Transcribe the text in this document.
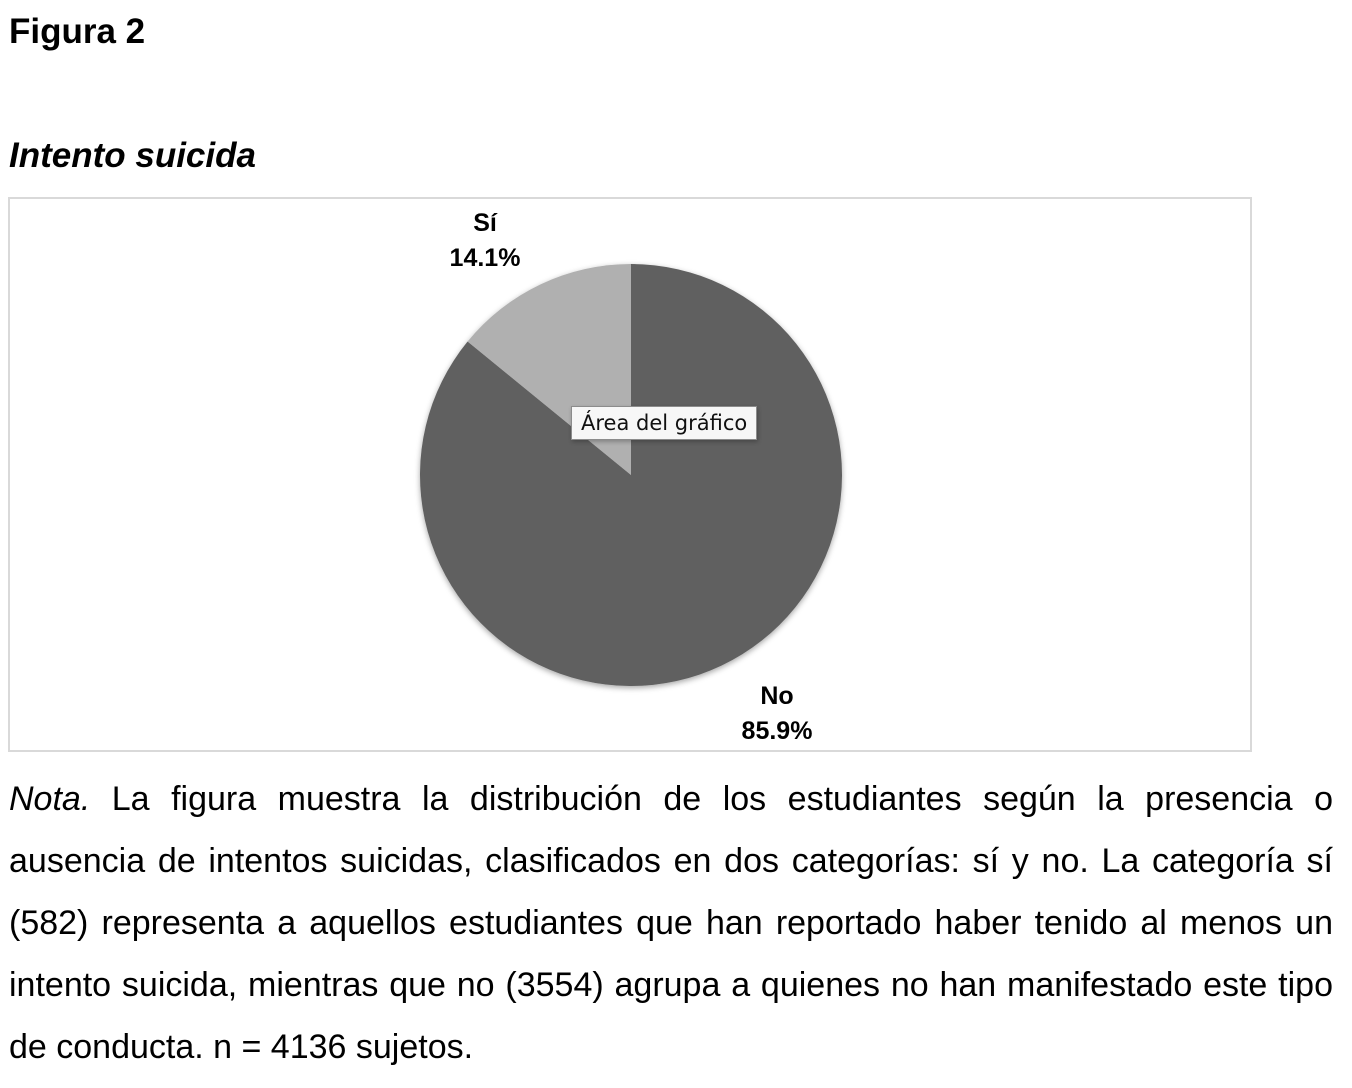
Figura 2
Intento suicida
No
85.9%
Sí
14.1%
Área del gráfico

Nota. La figura muestra la distribución de los estudiantes según la presencia o ausencia de intentos suicidas, clasificados en dos categorías: sí y no. La categoría sí (582) representa a aquellos estudiantes que han reportado haber tenido al menos un intento suicida, mientras que no (3554) agrupa a quienes no han manifestado este tipo de conducta. n = 4136 sujetos.
